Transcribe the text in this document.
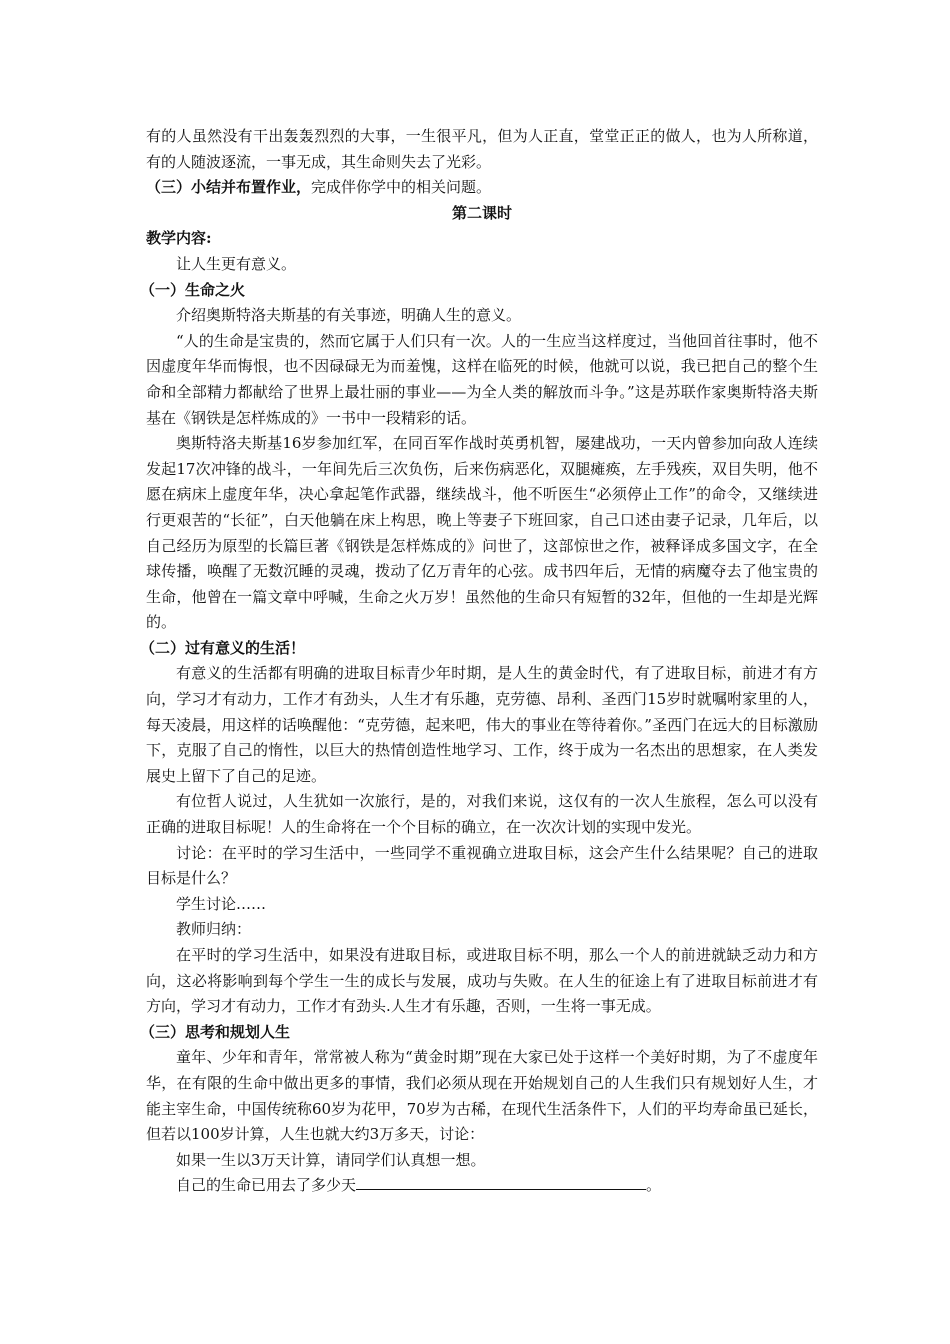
有的人虽然没有干出轰轰烈烈的大事，一生很平凡，但为人正直，堂堂正正的做人，也为人所称道，有的人随波逐流，一事无成，其生命则失去了光彩。

（三）小结并布置作业，完成伴你学中的相关问题。

第二课时

教学内容:

让人生更有意义。

（一）生命之火

介绍奥斯特洛夫斯基的有关事迹，明确人生的意义。

“人的生命是宝贵的，然而它属于人们只有一次。人的一生应当这样度过，当他回首往事时，他不因虚度年华而悔恨，也不因碌碌无为而羞愧，这样在临死的时候，他就可以说，我已把自己的整个生命和全部精力都献给了世界上最壮丽的事业——为全人类的解放而斗争。”这是苏联作家奥斯特洛夫斯基在《钢铁是怎样炼成的》一书中一段精彩的话。

奥斯特洛夫斯基16岁参加红军，在同百军作战时英勇机智，屡建战功，一天内曾参加向敌人连续发起17次冲锋的战斗，一年间先后三次负伤，后来伤病恶化，双腿瘫痪，左手残疾，双目失明，他不愿在病床上虚度年华，决心拿起笔作武器，继续战斗，他不听医生“必须停止工作”的命令，又继续进行更艰苦的“长征”，白天他躺在床上构思，晚上等妻子下班回家，自己口述由妻子记录，几年后，以自己经历为原型的长篇巨著《钢铁是怎样炼成的》问世了，这部惊世之作，被释译成多国文字，在全球传播，唤醒了无数沉睡的灵魂，拨动了亿万青年的心弦。成书四年后，无情的病魔夺去了他宝贵的生命，他曾在一篇文章中呼喊，生命之火万岁！虽然他的生命只有短暂的32年，但他的一生却是光辉的。

（二）过有意义的生活！

有意义的生活都有明确的进取目标青少年时期，是人生的黄金时代，有了进取目标，前进才有方向，学习才有动力，工作才有劲头，人生才有乐趣，克劳德、昂利、圣西门15岁时就嘱咐家里的人，每天凌晨，用这样的话唤醒他：“克劳德，起来吧，伟大的事业在等待着你。”圣西门在远大的目标激励下，克服了自己的惰性，以巨大的热情创造性地学习、工作，终于成为一名杰出的思想家，在人类发展史上留下了自己的足迹。

有位哲人说过，人生犹如一次旅行，是的，对我们来说，这仅有的一次人生旅程，怎么可以没有正确的进取目标呢！人的生命将在一个个目标的确立，在一次次计划的实现中发光。

讨论：在平时的学习生活中，一些同学不重视确立进取目标，这会产生什么结果呢？自己的进取目标是什么？

学生讨论……

教师归纳：

在平时的学习生活中，如果没有进取目标，或进取目标不明，那么一个人的前进就缺乏动力和方向，这必将影响到每个学生一生的成长与发展，成功与失败。在人生的征途上有了进取目标前进才有方向，学习才有动力，工作才有劲头.人生才有乐趣，否则，一生将一事无成。

（三）思考和规划人生

童年、少年和青年，常常被人称为“黄金时期”现在大家已处于这样一个美好时期，为了不虚度年华，在有限的生命中做出更多的事情，我们必须从现在开始规划自己的人生我们只有规划好人生，才能主宰生命，中国传统称60岁为花甲，70岁为古稀，在现代生活条件下，人们的平均寿命虽已延长，但若以100岁计算，人生也就大约3万多天，讨论：

如果一生以3万天计算，请同学们认真想一想。

自己的生命已用去了多少天	。
